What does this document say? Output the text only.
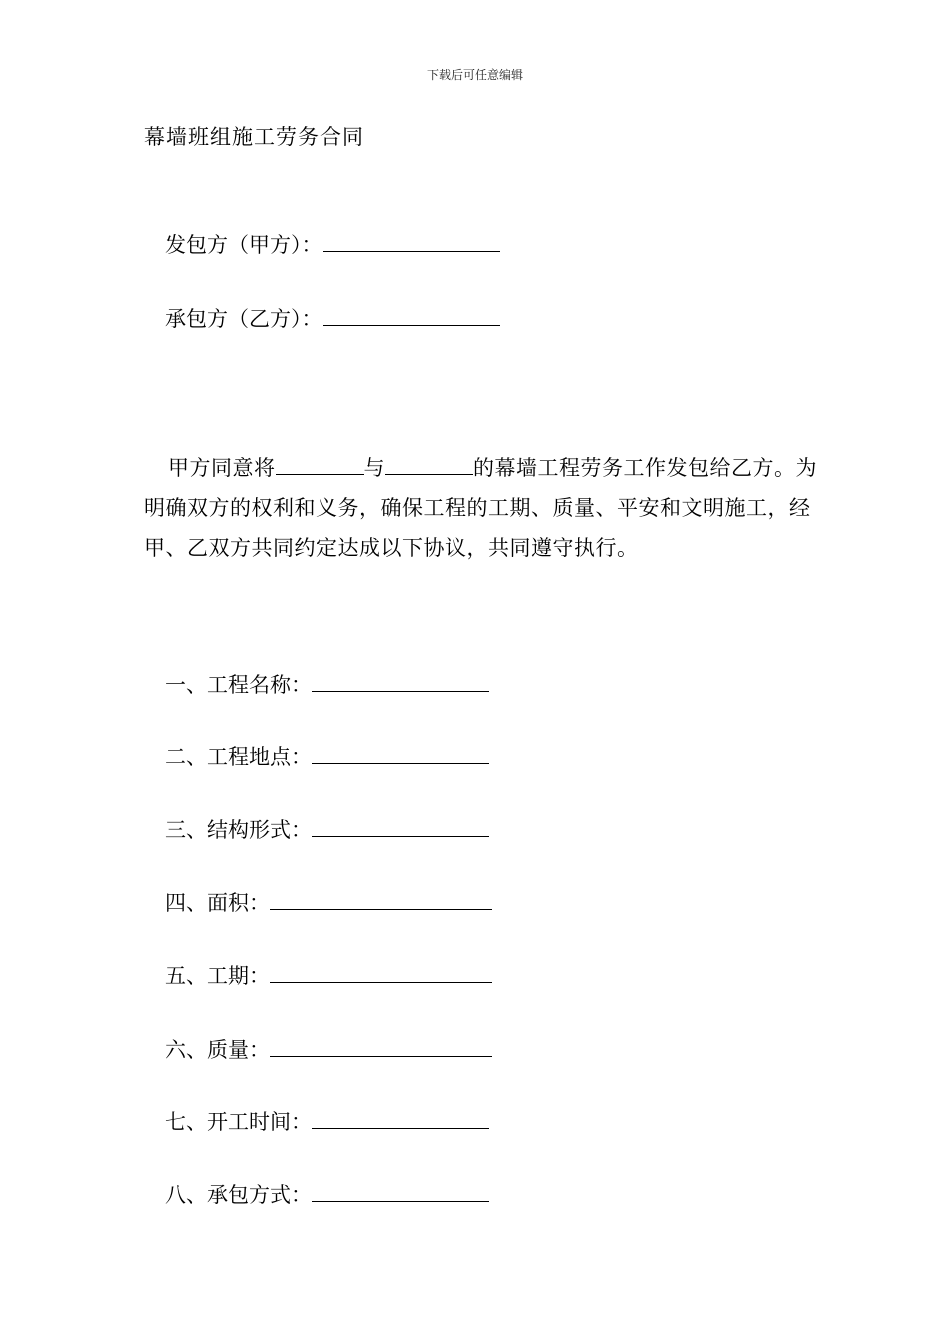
下载后可任意编辑
幕墙班组施工劳务合同
发包方（甲方）：
承包方（乙方）：
甲方同意将	与	的幕墙工程劳务工作发包给乙方。为明确双方的权利和义务，确保工程的工期、质量、平安和文明施工，经甲、乙双方共同约定达成以下协议，共同遵守执行。
一、工程名称：
二、工程地点：
三、结构形式：
四、面积：
五、工期：
六、质量：
七、开工时间：
八、承包方式：
